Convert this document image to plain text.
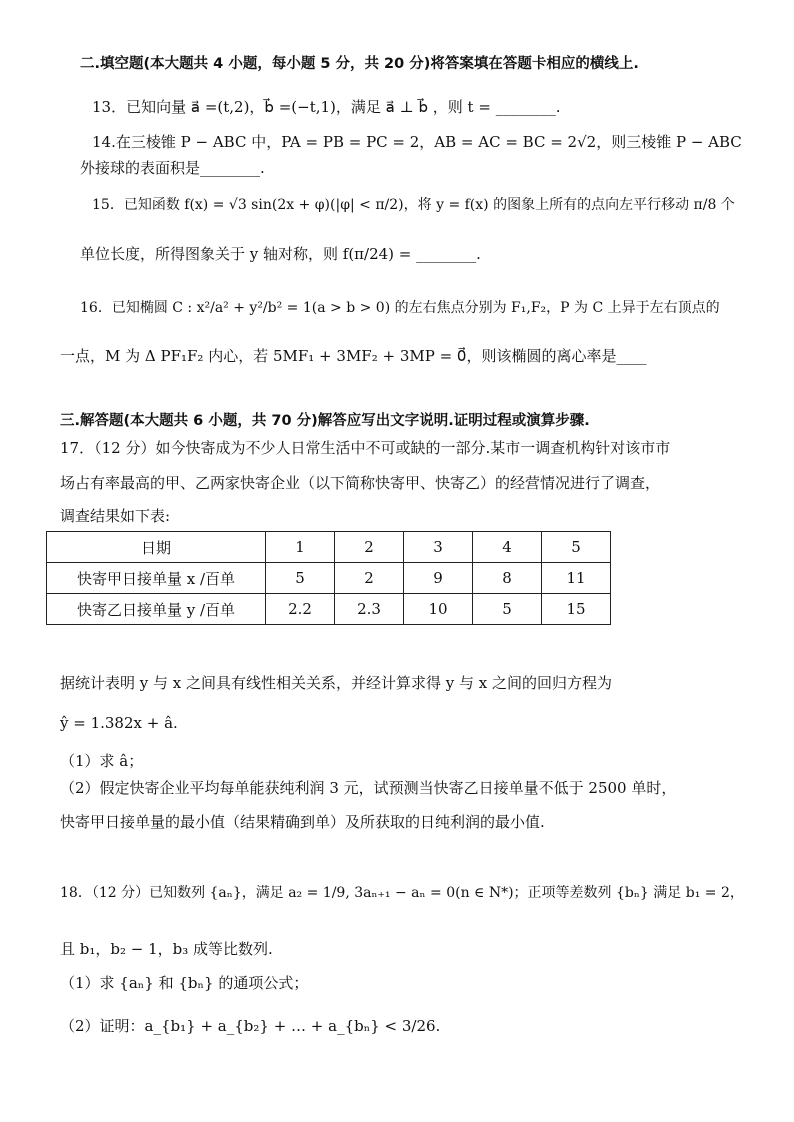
二.填空题(本大题共 4 小题，每小题 5 分，共 20 分)将答案填在答题卡相应的横线上.
13．已知向量 a⃗ =(t,2)，b⃗ =(−t,1)，满足 a⃗ ⊥ b⃗ ，则 t = ________.
14.在三棱锥 P − ABC 中，PA = PB = PC = 2，AB = AC = BC = 2√2，则三棱锥 P − ABC
外接球的表面积是________.
15．已知函数 f(x) = √3 sin(2x + φ)(|φ| < π/2)，将 y = f(x) 的图象上所有的点向左平行移动 π/8 个
单位长度，所得图象关于 y 轴对称，则 f(π/24) = ________.
16．已知椭圆 C : x²/a² + y²/b² = 1(a > b > 0) 的左右焦点分别为 F₁,F₂，P 为 C 上异于左右顶点的
一点，M 为 Δ PF₁F₂ 内心，若 5MF₁ + 3MF₂ + 3MP = 0⃗，则该椭圆的离心率是____
三.解答题(本大题共 6 小题，共 70 分)解答应写出文字说明.证明过程或演算步骤.
17．（12 分）如今快寄成为不少人日常生活中不可或缺的一部分.某市一调查机构针对该市市
场占有率最高的甲、乙两家快寄企业（以下简称快寄甲、快寄乙）的经营情况进行了调查，
调查结果如下表:
日期	1	2	3	4	5
快寄甲日接单量 x /百单	5	2	9	8	11
快寄乙日接单量 y /百单	2.2	2.3	10	5	15
据统计表明 y 与 x 之间具有线性相关关系，并经计算求得 y 与 x 之间的回归方程为
ŷ = 1.382x + â.
（1）求 â；
（2）假定快寄企业平均每单能获纯利润 3 元，试预测当快寄乙日接单量不低于 2500 单时，
快寄甲日接单量的最小值（结果精确到单）及所获取的日纯利润的最小值.
18．（12 分）已知数列 {aₙ}，满足 a₂ = 1/9, 3aₙ₊₁ − aₙ = 0(n ∈ N*)；正项等差数列 {bₙ} 满足 b₁ = 2，
且 b₁，b₂ − 1，b₃ 成等比数列.
（1）求 {aₙ} 和 {bₙ} 的通项公式；
（2）证明：a_{b₁} + a_{b₂} + … + a_{bₙ} < 3/26.
